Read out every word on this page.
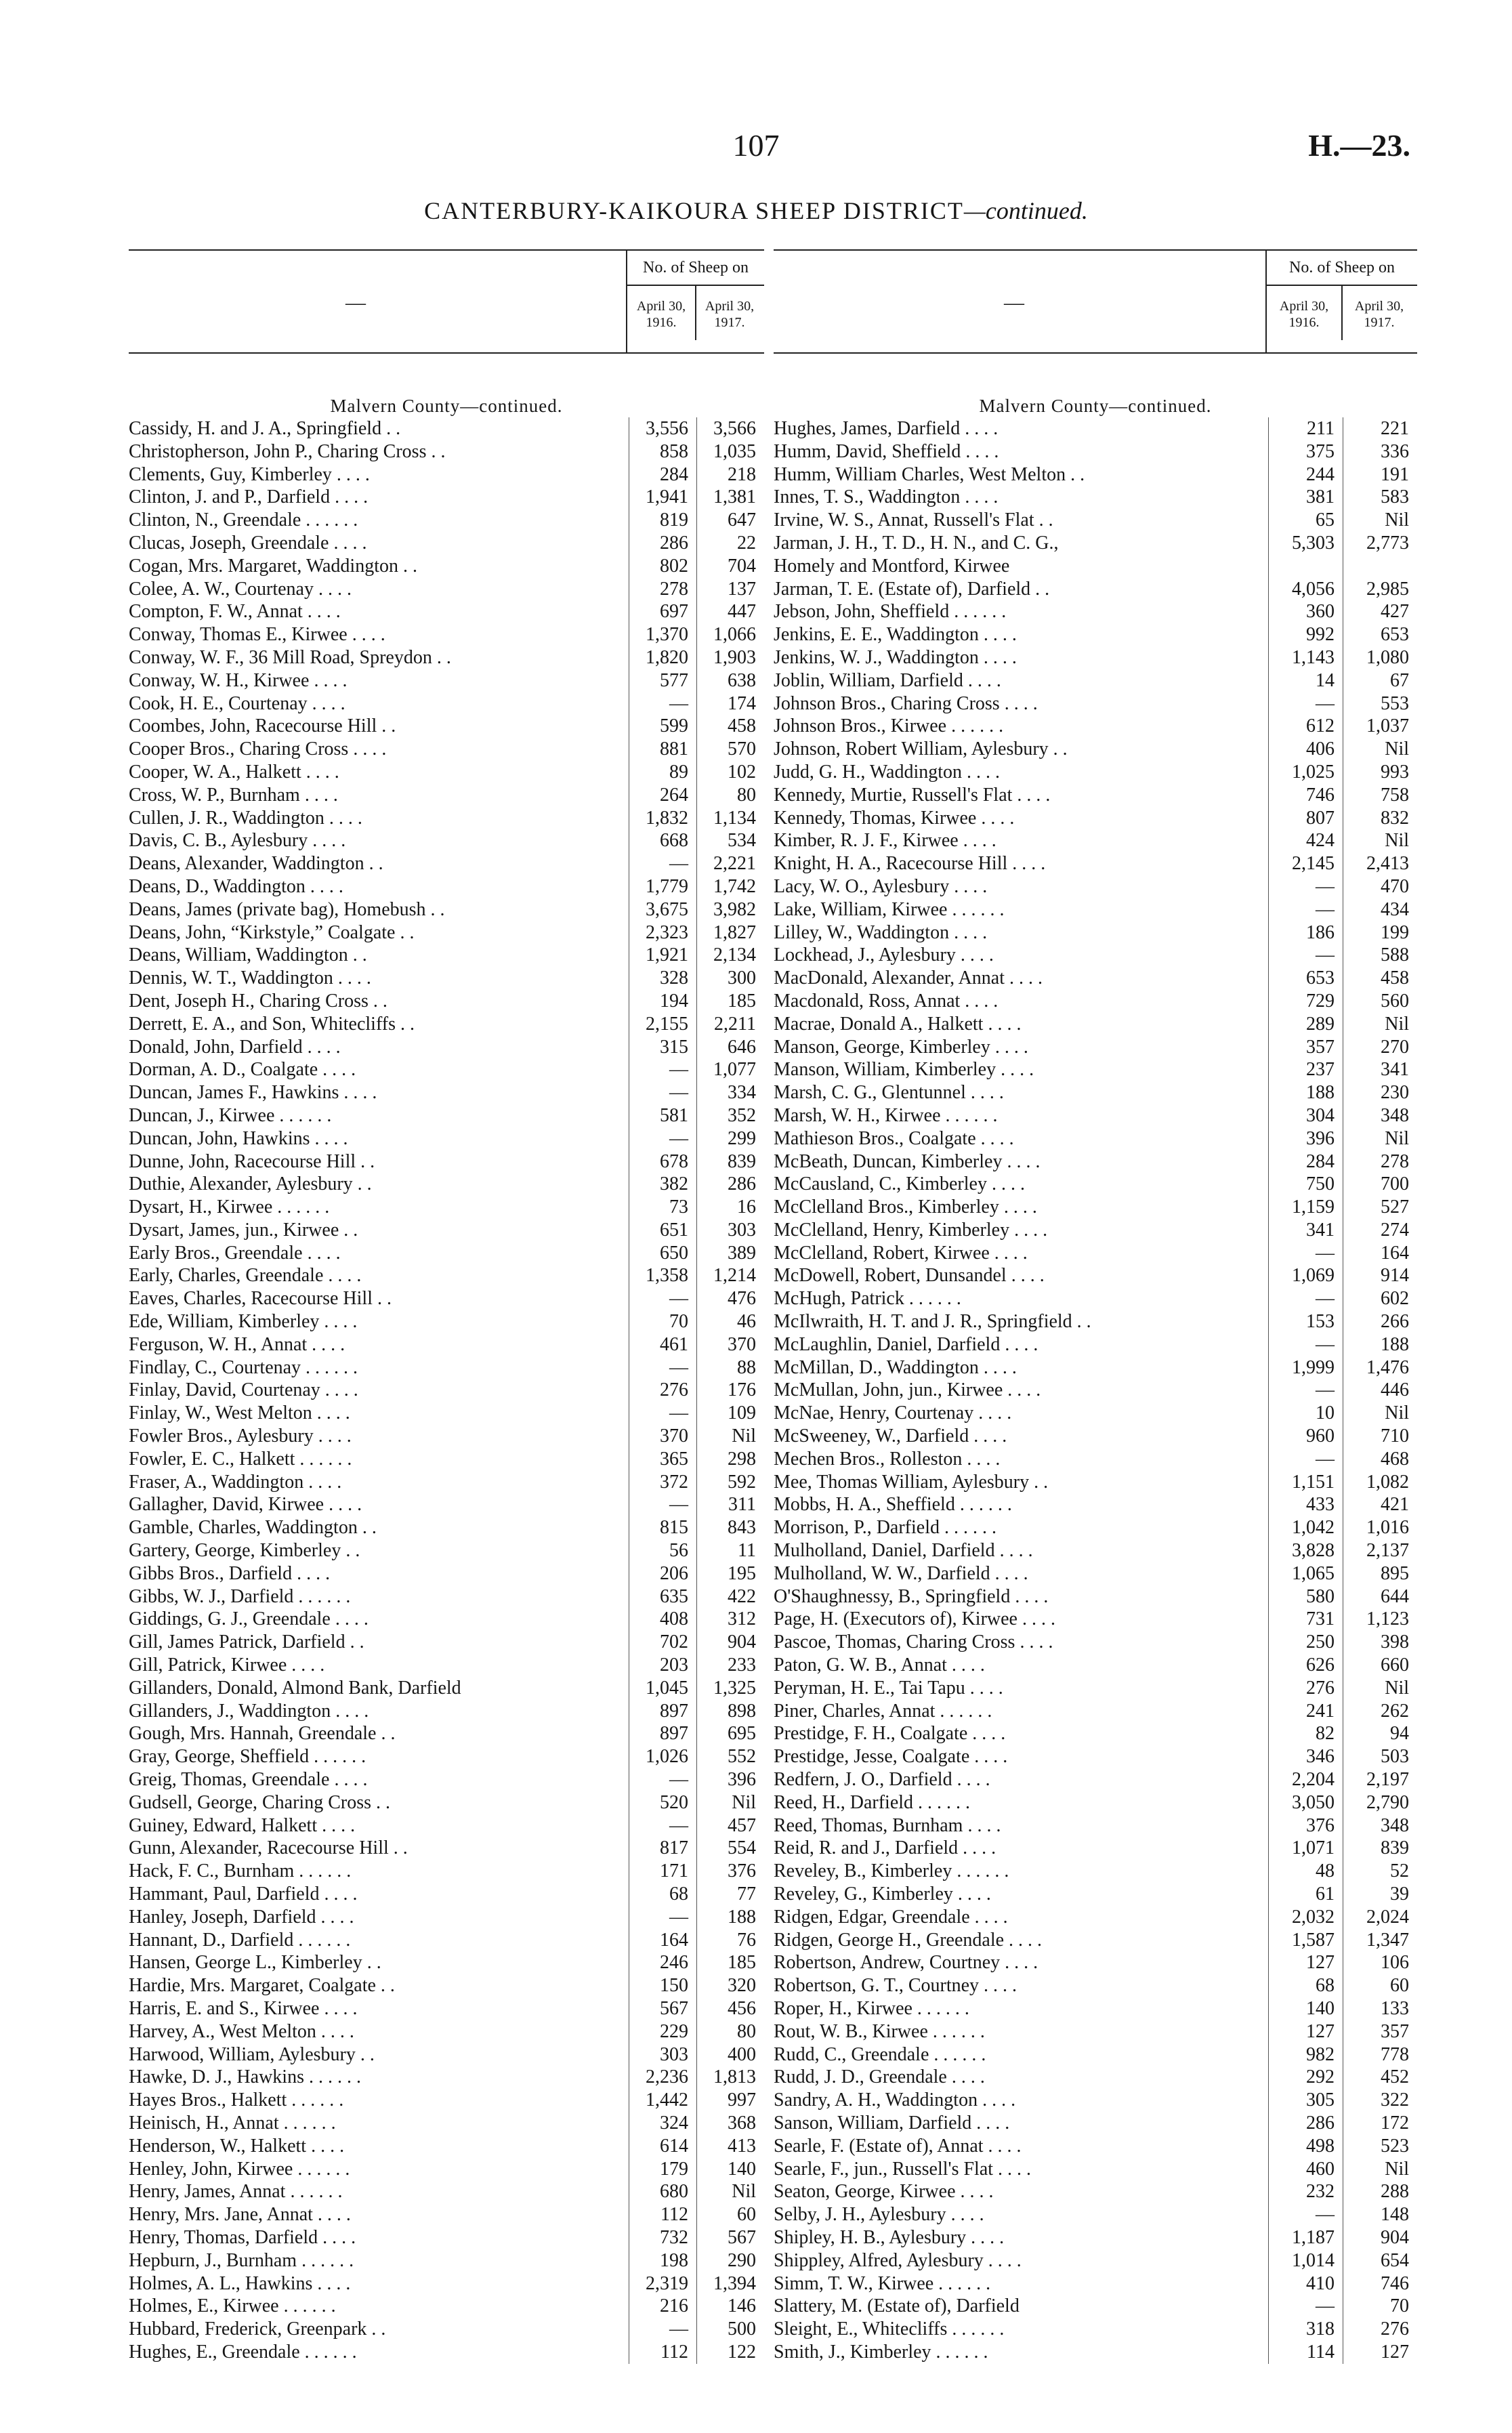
107	H.—23.
CANTERBURY-KAIKOURA SHEEP DISTRICT—continued.
—
No. of Sheep on
April 30,
1916.
April 30,
1917.
Malvern County—continued.
Cassidy, H. and J. A., Springfield . .	3,556	3,566
Christopherson, John P., Charing Cross . .	858	1,035
Clements, Guy, Kimberley . . . .	284	218
Clinton, J. and P., Darfield . . . .	1,941	1,381
Clinton, N., Greendale . . . . . .	819	647
Clucas, Joseph, Greendale . . . .	286	22
Cogan, Mrs. Margaret, Waddington . .	802	704
Colee, A. W., Courtenay . . . .	278	137
Compton, F. W., Annat . . . .	697	447
Conway, Thomas E., Kirwee . . . .	1,370	1,066
Conway, W. F., 36 Mill Road, Sprey​don . .	1,820	1,903
Conway, W. H., Kirwee . . . .	577	638
Cook, H. E., Courtenay . . . .	—	174
Coombes, John, Racecourse Hill . .	599	458
Cooper Bros., Charing Cross . . . .	881	570
Cooper, W. A., Halkett . . . .	89	102
Cross, W. P., Burnham . . . .	264	80
Cullen, J. R., Waddington . . . .	1,832	1,134
Davis, C. B., Aylesbury . . . .	668	534
Deans, Alexander, Waddington . .	—	2,221
Deans, D., Waddington . . . .	1,779	1,742
Deans, James (private bag), Homebush . .	3,675	3,982
Deans, John, “Kirkstyle,” Coalgate . .	2,323	1,827
Deans, William, Waddington . .	1,921	2,134
Dennis, W. T., Waddington . . . .	328	300
Dent, Joseph H., Charing Cross . .	194	185
Derrett, E. A., and Son, Whitecliffs . .	2,155	2,211
Donald, John, Darfield . . . .	315	646
Dorman, A. D., Coalgate . . . .	—	1,077
Duncan, James F., Hawkins . . . .	—	334
Duncan, J., Kirwee . . . . . .	581	352
Duncan, John, Hawkins . . . .	—	299
Dunne, John, Racecourse Hill . .	678	839
Duthie, Alexander, Aylesbury . .	382	286
Dysart, H., Kirwee . . . . . .	73	16
Dysart, James, jun., Kirwee . .	651	303
Early Bros., Greendale . . . .	650	389
Early, Charles, Greendale . . . .	1,358	1,214
Eaves, Charles, Racecourse Hill . .	—	476
Ede, William, Kimberley . . . .	70	46
Ferguson, W. H., Annat . . . .	461	370
Findlay, C., Courtenay . . . . . .	—	88
Finlay, David, Courtenay . . . .	276	176
Finlay, W., West Melton . . . .	—	109
Fowler Bros., Aylesbury . . . .	370	Nil
Fowler, E. C., Halkett . . . . . .	365	298
Fraser, A., Waddington . . . .	372	592
Gallagher, David, Kirwee . . . .	—	311
Gamble, Charles, Waddington . .	815	843
Gartery, George, Kimberley . .	56	11
Gibbs Bros., Darfield . . . .	206	195
Gibbs, W. J., Darfield . . . . . .	635	422
Giddings, G. J., Greendale . . . .	408	312
Gill, James Patrick, Darfield . .	702	904
Gill, Patrick, Kirwee . . . .	203	233
Gillanders, Donald, Almond Bank, Darfield	1,045	1,325
Gillanders, J., Waddington . . . .	897	898
Gough, Mrs. Hannah, Greendale . .	897	695
Gray, George, Sheffield . . . . . .	1,026	552
Greig, Thomas, Greendale . . . .	—	396
Gudsell, George, Charing Cross . .	520	Nil
Guiney, Edward, Halkett . . . .	—	457
Gunn, Alexander, Racecourse Hill . .	817	554
Hack, F. C., Burnham . . . . . .	171	376
Hammant, Paul, Darfield . . . .	68	77
Hanley, Joseph, Darfield . . . .	—	188
Hannant, D., Darfield . . . . . .	164	76
Hansen, George L., Kimberley . .	246	185
Hardie, Mrs. Margaret, Coalgate . .	150	320
Harris, E. and S., Kirwee . . . .	567	456
Harvey, A., West Melton . . . .	229	80
Harwood, William, Aylesbury . .	303	400
Hawke, D. J., Hawkins . . . . . .	2,236	1,813
Hayes Bros., Halkett . . . . . .	1,442	997
Heinisch, H., Annat . . . . . .	324	368
Henderson, W., Halkett . . . .	614	413
Henley, John, Kirwee . . . . . .	179	140
Henry, James, Annat . . . . . .	680	Nil
Henry, Mrs. Jane, Annat . . . .	112	60
Henry, Thomas, Darfield . . . .	732	567
Hepburn, J., Burnham . . . . . .	198	290
Holmes, A. L., Hawkins . . . .	2,319	1,394
Holmes, E., Kirwee . . . . . .	216	146
Hubbard, Frederick, Greenpark . .	—	500
Hughes, E., Greendale . . . . . .	112	122
—
No. of Sheep on
April 30,
1916.
April 30,
1917.
Malvern County—continued.
Hughes, James, Darfield . . . .	211	221
Humm, David, Sheffield . . . .	375	336
Humm, William Charles, West Melton . .	244	191
Innes, T. S., Waddington . . . .	381	583
Irvine, W. S., Annat, Russell's Flat . .	65	Nil
Jarman, J. H., T. D., H. N., and C. G.,	5,303	2,773
Homely and Montford, Kirwee
Jarman, T. E. (Estate of), Darfield . .	4,056	2,985
Jebson, John, Sheffield . . . . . .	360	427
Jenkins, E. E., Waddington . . . .	992	653
Jenkins, W. J., Waddington . . . .	1,143	1,080
Joblin, William, Darfield . . . .	14	67
Johnson Bros., Charing Cross . . . .	—	553
Johnson Bros., Kirwee . . . . . .	612	1,037
Johnson, Robert William, Aylesbury . .	406	Nil
Judd, G. H., Waddington . . . .	1,025	993
Kennedy, Murtie, Russell's Flat . . . .	746	758
Kennedy, Thomas, Kirwee . . . .	807	832
Kimber, R. J. F., Kirwee . . . .	424	Nil
Knight, H. A., Racecourse Hill . . . .	2,145	2,413
Lacy, W. O., Aylesbury . . . .	—	470
Lake, William, Kirwee . . . . . .	—	434
Lilley, W., Waddington . . . .	186	199
Lockhead, J., Aylesbury . . . .	—	588
MacDonald, Alexander, Annat . . . .	653	458
Macdonald, Ross, Annat . . . .	729	560
Macrae, Donald A., Halkett . . . .	289	Nil
Manson, George, Kimberley . . . .	357	270
Manson, William, Kimberley . . . .	237	341
Marsh, C. G., Glentunnel . . . .	188	230
Marsh, W. H., Kirwee . . . . . .	304	348
Mathieson Bros., Coalgate . . . .	396	Nil
McBeath, Duncan, Kimberley . . . .	284	278
McCausland, C., Kimberley . . . .	750	700
McClelland Bros., Kimberley . . . .	1,159	527
McClelland, Henry, Kimberley . . . .	341	274
McClelland, Robert, Kirwee . . . .	—	164
McDowell, Robert, Dunsandel . . . .	1,069	914
McHugh, Patrick . . . . . .	—	602
McIlwraith, H. T. and J. R., Springfield . .	153	266
McLaughlin, Daniel, Darfield . . . .	—	188
McMillan, D., Waddington . . . .	1,999	1,476
McMullan, John, jun., Kirwee . . . .	—	446
McNae, Henry, Courtenay . . . .	10	Nil
McSweeney, W., Darfield . . . .	960	710
Mechen Bros., Rolleston . . . .	—	468
Mee, Thomas William, Aylesbury . .	1,151	1,082
Mobbs, H. A., Sheffield . . . . . .	433	421
Morrison, P., Darfield . . . . . .	1,042	1,016
Mulholland, Daniel, Darfield . . . .	3,828	2,137
Mulholland, W. W., Darfield . . . .	1,065	895
O'Shaughnessy, B., Springfield . . . .	580	644
Page, H. (Executors of), Kirwee . . . .	731	1,123
Pascoe, Thomas, Charing Cross . . . .	250	398
Paton, G. W. B., Annat . . . .	626	660
Peryman, H. E., Tai Tapu . . . .	276	Nil
Piner, Charles, Annat . . . . . .	241	262
Prestidge, F. H., Coalgate . . . .	82	94
Prestidge, Jesse, Coalgate . . . .	346	503
Redfern, J. O., Darfield . . . .	2,204	2,197
Reed, H., Darfield . . . . . .	3,050	2,790
Reed, Thomas, Burnham . . . .	376	348
Reid, R. and J., Darfield . . . .	1,071	839
Reveley, B., Kimberley . . . . . .	48	52
Reveley, G., Kimberley . . . .	61	39
Ridgen, Edgar, Greendale . . . .	2,032	2,024
Ridgen, George H., Greendale . . . .	1,587	1,347
Robertson, Andrew, Courtney . . . .	127	106
Robertson, G. T., Courtney . . . .	68	60
Roper, H., Kirwee . . . . . .	140	133
Rout, W. B., Kirwee . . . . . .	127	357
Rudd, C., Greendale . . . . . .	982	778
Rudd, J. D., Greendale . . . .	292	452
Sandry, A. H., Waddington . . . .	305	322
Sanson, William, Darfield . . . .	286	172
Searle, F. (Estate of), Annat . . . .	498	523
Searle, F., jun., Russell's Flat . . . .	460	Nil
Seaton, George, Kirwee . . . .	232	288
Selby, J. H., Aylesbury . . . .	—	148
Shipley, H. B., Aylesbury . . . .	1,187	904
Shippley, Alfred, Aylesbury . . . .	1,014	654
Simm, T. W., Kirwee . . . . . .	410	746
Slattery, M. (Estate of), Darfield	—	70
Sleight, E., Whitecliffs . . . . . .	318	276
Smith, J., Kimberley . . . . . .	114	127
